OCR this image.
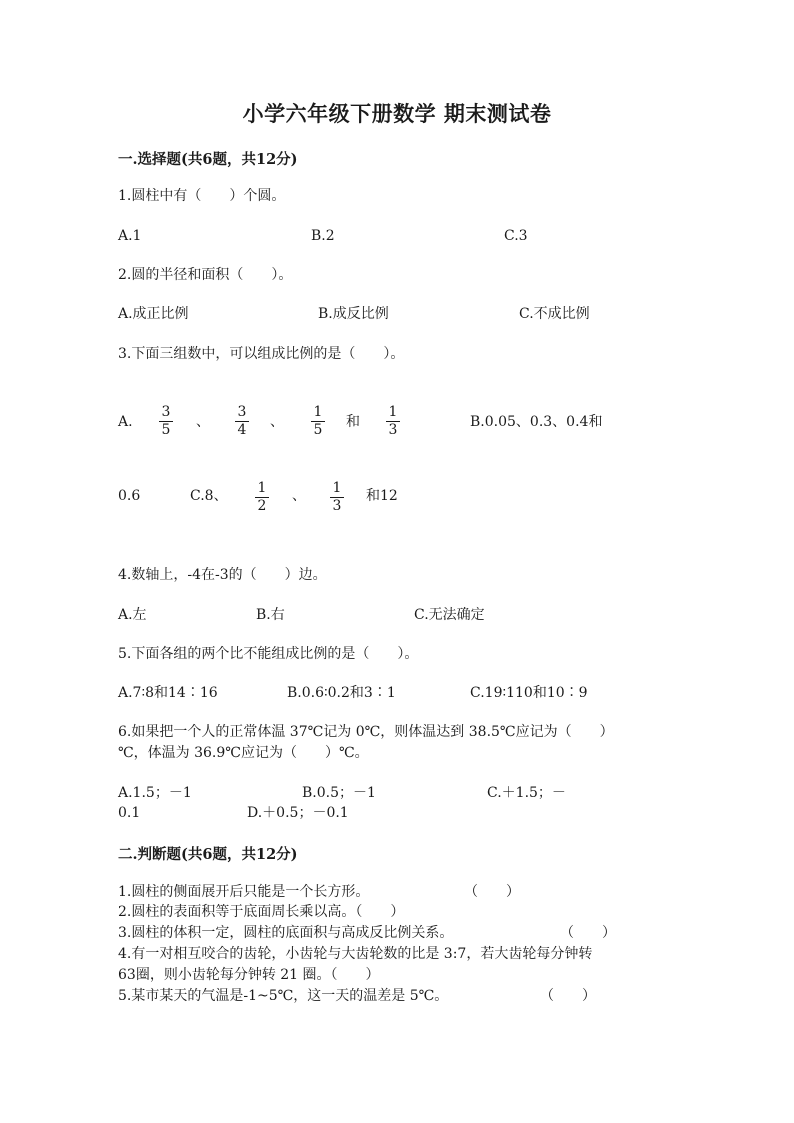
小学六年级下册数学 期末测试卷
一.选择题(共6题，共12分)
1.圆柱中有（　　）个圆。
A.1	B.2	C.3
2.圆的半径和面积（　　）。
A.成正比例	B.成反比例	C.不成比例
3.下面三组数中，可以组成比例的是（　　）。
A.
3
5 、
3
4 、
1
5 和
1
3	B.0.05、0.3、0.4和
0.6	C.8、 1
2
、 1
3
和12
4.数轴上，-4在-3的（　　）边。
A.左	B.右	C.无法确定
5.下面各组的两个比不能组成比例的是（　　）。
A.7∶8和14∶16	B.0.6∶0.2和3∶1	C.19∶110和10∶9
6.如果把一个人的正常体温 37℃记为 0℃，则体温达到 38.5℃应记为（　　）
℃，体温为 36.9℃应记为（　　）℃。
A.1.5；－1	B.0.5；－1	C.＋1.5；－
0.1	D.＋0.5；－0.1
二.判断题(共6题，共12分)
1.圆柱的侧面展开后只能是一个长方形。	（　　）
2.圆柱的表面积等于底面周长乘以高。（　　）
3.圆柱的体积一定，圆柱的底面积与高成反比例关系。	（　　）
4.有一对相互咬合的齿轮，小齿轮与大齿轮数的比是 3:7，若大齿轮每分钟转
63圈，则小齿轮每分钟转 21 圈。（　　）
5.某市某天的气温是-1~5℃，这一天的温差是 5℃。	（　　）
